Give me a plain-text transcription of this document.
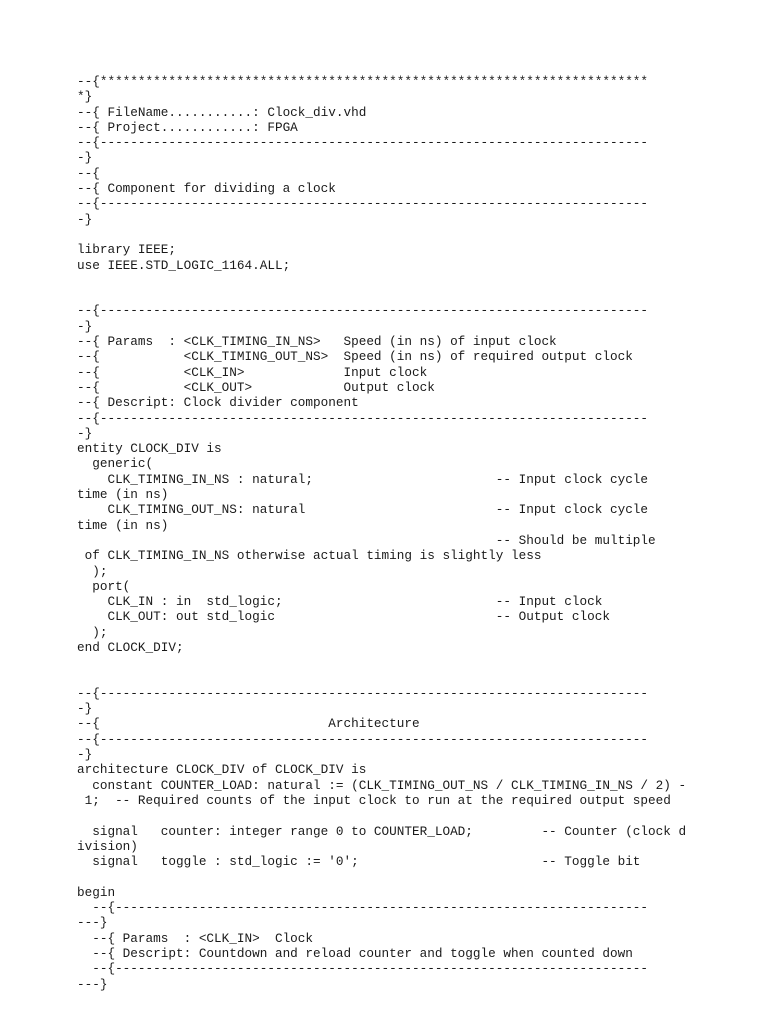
--{************************************************************************
*}
--{ FileName...........: Clock_div.vhd
--{ Project............: FPGA
--{------------------------------------------------------------------------
-}
--{
--{ Component for dividing a clock
--{------------------------------------------------------------------------
-}
library IEEE;
use IEEE.STD_LOGIC_1164.ALL;
--{------------------------------------------------------------------------
-}
--{ Params  : <CLK_TIMING_IN_NS>   Speed (in ns) of input clock
--{           <CLK_TIMING_OUT_NS>  Speed (in ns) of required output clock
--{           <CLK_IN>             Input clock
--{           <CLK_OUT>            Output clock
--{ Descript: Clock divider component
--{------------------------------------------------------------------------
-}
entity CLOCK_DIV is
generic(
CLK_TIMING_IN_NS : natural;                        -- Input clock cycle
time (in ns)
CLK_TIMING_OUT_NS: natural                         -- Input clock cycle
time (in ns)
-- Should be multiple
of CLK_TIMING_IN_NS otherwise actual timing is slightly less
);
port(
CLK_IN : in  std_logic;                            -- Input clock
CLK_OUT: out std_logic                             -- Output clock
);
end CLOCK_DIV;
--{------------------------------------------------------------------------
-}
--{                              Architecture
--{------------------------------------------------------------------------
-}
architecture CLOCK_DIV of CLOCK_DIV is
constant COUNTER_LOAD: natural := (CLK_TIMING_OUT_NS / CLK_TIMING_IN_NS / 2) -
1;  -- Required counts of the input clock to run at the required output speed
signal   counter: integer range 0 to COUNTER_LOAD;         -- Counter (clock d
ivision)
signal   toggle : std_logic := '0';                        -- Toggle bit
begin
--{----------------------------------------------------------------------
---}
--{ Params  : <CLK_IN>  Clock
--{ Descript: Countdown and reload counter and toggle when counted down
--{----------------------------------------------------------------------
---}
